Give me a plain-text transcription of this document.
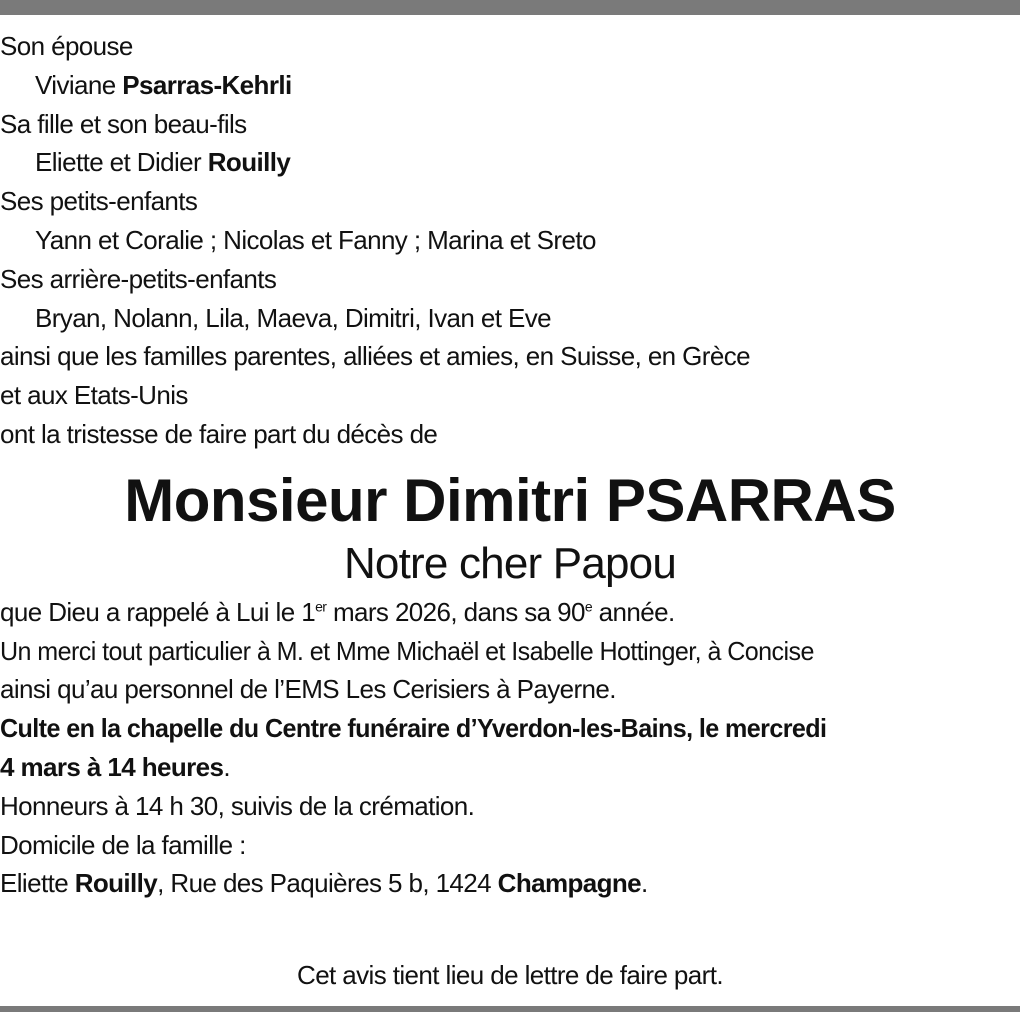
Son épouse
Viviane Psarras-Kehrli
Sa fille et son beau-fils
Eliette et Didier Rouilly
Ses petits-enfants
Yann et Coralie ; Nicolas et Fanny ; Marina et Sreto
Ses arrière-petits-enfants
Bryan, Nolann, Lila, Maeva, Dimitri, Ivan et Eve
ainsi que les familles parentes, alliées et amies, en Suisse, en Grèce
et aux Etats-Unis
ont la tristesse de faire part du décès de
Monsieur Dimitri PSARRAS
Notre cher Papou
que Dieu a rappelé à Lui le 1er mars 2026, dans sa 90e année.
Un merci tout particulier à M. et Mme Michaël et Isabelle Hottinger, à Concise
ainsi qu’au personnel de l’EMS Les Cerisiers à Payerne.
Culte en la chapelle du Centre funéraire d’Yverdon-les-Bains, le mercredi
4 mars à 14 heures.
Honneurs à 14 h 30, suivis de la crémation.
Domicile de la famille :
Eliette Rouilly, Rue des Paquières 5 b, 1424 Champagne.
Cet avis tient lieu de lettre de faire part.
